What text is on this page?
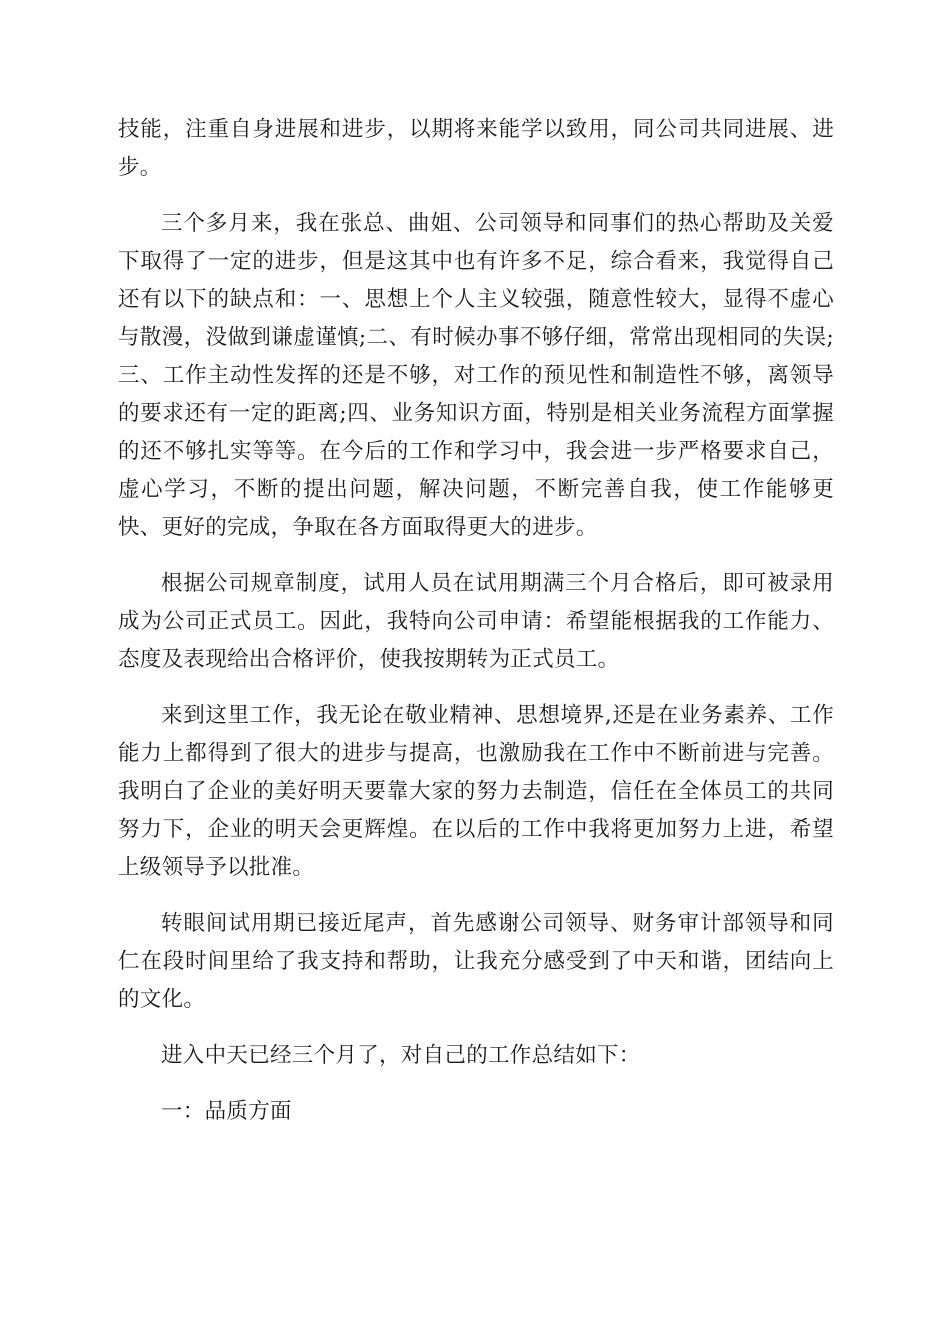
技能，注重自身进展和进步，以期将来能学以致用，同公司共同进展、进步。

三个多月来，我在张总、曲姐、公司领导和同事们的热心帮助及关爱下取得了一定的进步，但是这其中也有许多不足，综合看来，我觉得自己还有以下的缺点和：一、思想上个人主义较强，随意性较大，显得不虚心与散漫，没做到谦虚谨慎;二、有时候办事不够仔细，常常出现相同的失误;三、工作主动性发挥的还是不够，对工作的预见性和制造性不够，离领导的要求还有一定的距离;四、业务知识方面，特别是相关业务流程方面掌握的还不够扎实等等。在今后的工作和学习中，我会进一步严格要求自己，虚心学习，不断的提出问题，解决问题，不断完善自我，使工作能够更快、更好的完成，争取在各方面取得更大的进步。

根据公司规章制度，试用人员在试用期满三个月合格后，即可被录用成为公司正式员工。因此，我特向公司申请：希望能根据我的工作能力、态度及表现给出合格评价，使我按期转为正式员工。

来到这里工作，我无论在敬业精神、思想境界,还是在业务素养、工作能力上都得到了很大的进步与提高，也激励我在工作中不断前进与完善。我明白了企业的美好明天要靠大家的努力去制造，信任在全体员工的共同努力下，企业的明天会更辉煌。在以后的工作中我将更加努力上进，希望上级领导予以批准。

转眼间试用期已接近尾声，首先感谢公司领导、财务审计部领导和同仁在段时间里给了我支持和帮助，让我充分感受到了中天和谐，团结向上的文化。

进入中天已经三个月了，对自己的工作总结如下：

一：品质方面
